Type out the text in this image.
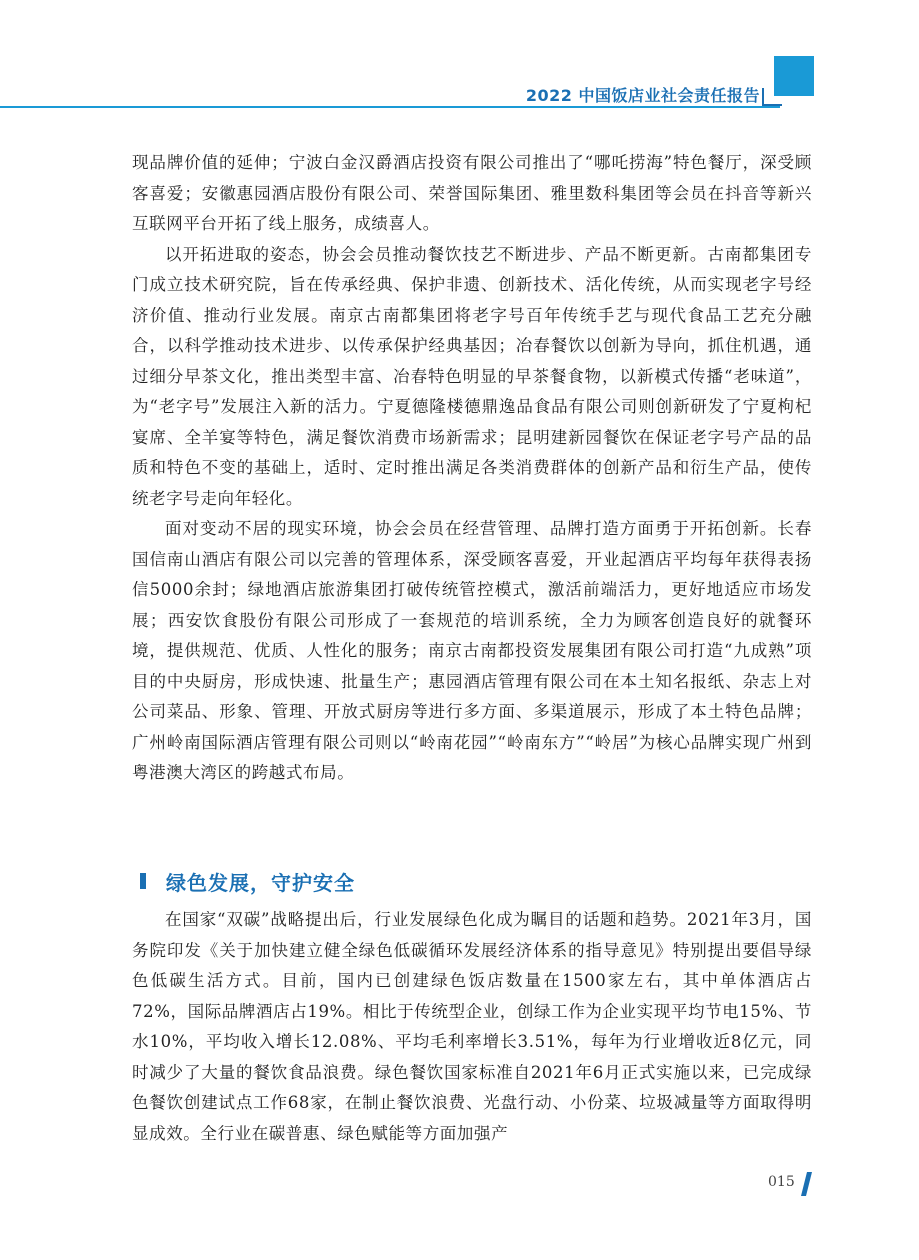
2022 中国饭店业社会责任报告

现品牌价值的延伸；宁波白金汉爵酒店投资有限公司推出了“哪吒捞海”特色餐厅，深受顾客喜爱；安徽惠园酒店股份有限公司、荣誉国际集团、雅里数科集团等会员在抖音等新兴互联网平台开拓了线上服务，成绩喜人。

以开拓进取的姿态，协会会员推动餐饮技艺不断进步、产品不断更新。古南都集团专门成立技术研究院，旨在传承经典、保护非遗、创新技术、活化传统，从而实现老字号经济价值、推动行业发展。南京古南都集团将老字号百年传统手艺与现代食品工艺充分融合，以科学推动技术进步、以传承保护经典基因；冶春餐饮以创新为导向，抓住机遇，通过细分早茶文化，推出类型丰富、冶春特色明显的早茶餐食物，以新模式传播“老味道”，为“老字号”发展注入新的活力。宁夏德隆楼德鼎逸品食品有限公司则创新研发了宁夏枸杞宴席、全羊宴等特色，满足餐饮消费市场新需求；昆明建新园餐饮在保证老字号产品的品质和特色不变的基础上，适时、定时推出满足各类消费群体的创新产品和衍生产品，使传统老字号走向年轻化。

面对变动不居的现实环境，协会会员在经营管理、品牌打造方面勇于开拓创新。长春国信南山酒店有限公司以完善的管理体系，深受顾客喜爱，开业起酒店平均每年获得表扬信5000余封；绿地酒店旅游集团打破传统管控模式，激活前端活力，更好地适应市场发展；西安饮食股份有限公司形成了一套规范的培训系统，全力为顾客创造良好的就餐环境，提供规范、优质、人性化的服务；南京古南都投资发展集团有限公司打造“九成熟”项目的中央厨房，形成快速、批量生产；惠园酒店管理有限公司在本土知名报纸、杂志上对公司菜品、形象、管理、开放式厨房等进行多方面、多渠道展示，形成了本土特色品牌；广州岭南国际酒店管理有限公司则以“岭南花园”“岭南东方”“岭居”为核心品牌实现广州到粤港澳大湾区的跨越式布局。

绿色发展，守护安全

在国家“双碳”战略提出后，行业发展绿色化成为瞩目的话题和趋势。2021年3月，国务院印发《关于加快建立健全绿色低碳循环发展经济体系的指导意见》特别提出要倡导绿色低碳生活方式。目前，国内已创建绿色饭店数量在1500家左右，其中单体酒店占72%，国际品牌酒店占19%。相比于传统型企业，创绿工作为企业实现平均节电15%、节水10%，平均收入增长12.08%、平均毛利率增长3.51%，每年为行业增收近8亿元，同时减少了大量的餐饮食品浪费。绿色餐饮国家标准自2021年6月正式实施以来，已完成绿色餐饮创建试点工作68家，在制止餐饮浪费、光盘行动、小份菜、垃圾减量等方面取得明显成效。全行业在碳普惠、绿色赋能等方面加强产

015
